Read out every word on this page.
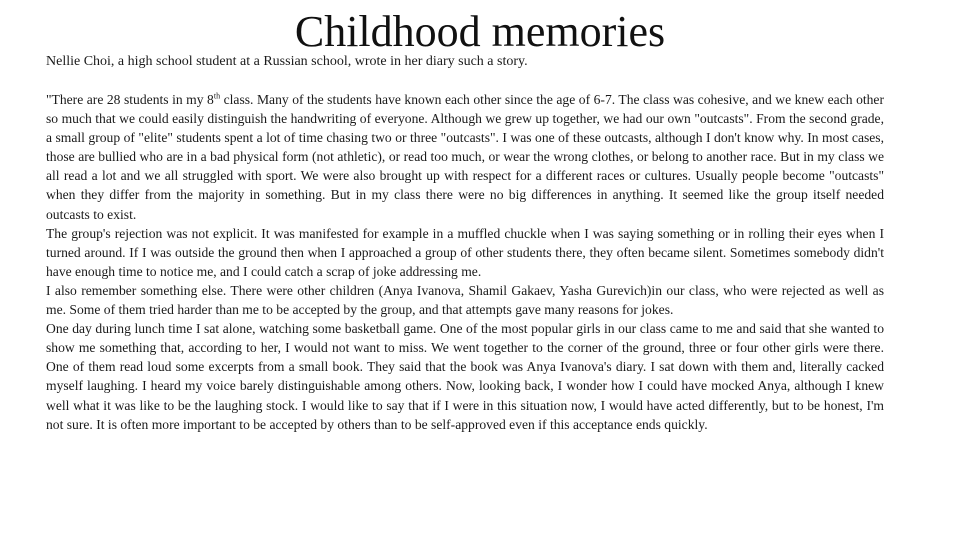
Childhood memories
Nellie Choi, a high school student at a Russian school, wrote in her diary such a story.

"There are 28 students in my 8th class. Many of the students have known each other since the age of 6-7. The class was cohesive, and we knew each other so much that we could easily distinguish the handwriting of everyone. Although we grew up together, we had our own "outcasts". From the second grade, a small group of "elite" students spent a lot of time chasing two or three "outcasts". I was one of these outcasts, although I don't know why. In most cases, those are bullied who are in a bad physical form (not athletic), or read too much, or wear the wrong clothes, or belong to another race. But in my class we all read a lot and we all struggled with sport. We were also brought up with respect for a different races or cultures. Usually people become "outcasts" when they differ from the majority in something. But in my class there were no big differences in anything. It seemed like the group itself needed outcasts to exist.

The group's rejection was not explicit. It was manifested for example in a muffled chuckle when I was saying something or in rolling their eyes when I turned around. If I was outside the ground then when I approached a group of other students there, they often became silent. Sometimes somebody didn't have enough time to notice me, and I could catch a scrap of joke addressing me.

I also remember something else. There were other children (Anya Ivanova, Shamil Gakaev, Yasha Gurevich)in our class, who were rejected as well as me. Some of them tried harder than me to be accepted by the group, and that attempts gave many reasons for jokes.

One day during lunch time I sat alone, watching some basketball game. One of the most popular girls in our class came to me and said that she wanted to show me something that, according to her, I would not want to miss. We went together to the corner of the ground, three or four other girls were there. One of them read loud some excerpts from a small book. They said that the book was Anya Ivanova's diary. I sat down with them and, literally cacked myself laughing. I heard my voice barely distinguishable among others. Now, looking back, I wonder how I could have mocked Anya, although I knew well what it was like to be the laughing stock. I would like to say that if I were in this situation now, I would have acted differently, but to be honest, I'm not sure. It is often more important to be accepted by others than to be self-approved even if this acceptance ends quickly.
